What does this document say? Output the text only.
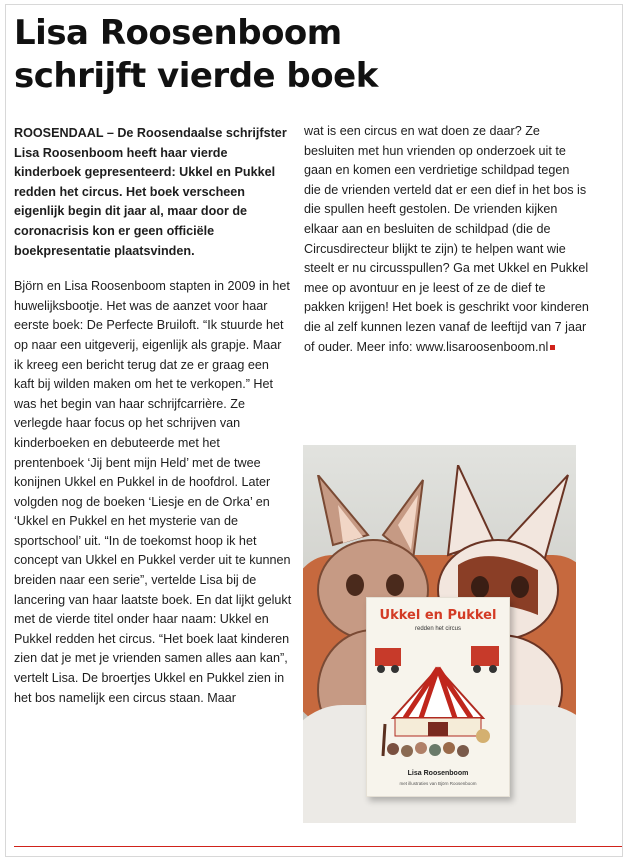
Lisa Roosenboom
schrijft vierde boek

ROOSENDAAL – De Roosendaalse schrijfster Lisa Roosenboom heeft haar vierde kinderboek gepresenteerd: Ukkel en Pukkel redden het circus. Het boek verscheen eigenlijk begin dit jaar al, maar door de coronacrisis kon er geen officiële boekpresentatie plaatsvinden.

Björn en Lisa Roosenboom stapten in 2009 in het huwelijksbootje. Het was de aanzet voor haar eerste boek: De Perfecte Bruiloft. “Ik stuurde het op naar een uitgeverij, eigenlijk als grapje. Maar ik kreeg een bericht terug dat ze er graag een kaft bij wilden maken om het te verkopen.” Het was het begin van haar schrijfcarrière. Ze verlegde haar focus op het schrijven van kinderboeken en debuteerde met het prentenboek ‘Jij bent mijn Held’ met de twee konijnen Ukkel en Pukkel in de hoofdrol. Later volgden nog de boeken ‘Liesje en de Orka’ en ‘Ukkel en Pukkel en het mysterie van de sportschool’ uit. “In de toekomst hoop ik het concept van Ukkel en Pukkel verder uit te kunnen breiden naar een serie”, vertelde Lisa bij de lancering van haar laatste boek. En dat lijkt gelukt met de vierde titel onder haar naam: Ukkel en Pukkel redden het circus. “Het boek laat kinderen zien dat je met je vrienden samen alles aan kan”, vertelt Lisa. De broertjes Ukkel en Pukkel zien in het bos namelijk een circus staan. Maar

wat is een circus en wat doen ze daar? Ze besluiten met hun vrienden op onderzoek uit te gaan en komen een verdrietige schildpad tegen die de vrienden verteld dat er een dief in het bos is die spullen heeft gestolen. De vrienden kijken elkaar aan en besluiten de schildpad (die de Circusdirecteur blijkt te zijn) te helpen want wie steelt er nu circusspullen? Ga met Ukkel en Pukkel mee op avontuur en je leest of ze de dief te pakken krijgen! Het boek is geschrikt voor kinderen die al zelf kunnen lezen vanaf de leeftijd van 7 jaar of ouder. Meer info: www.lisaroosenboom.nl

Ukkel en Pukkel
redden het circus
Lisa Roosenboom
met illustraties van Björn Roosenboom
